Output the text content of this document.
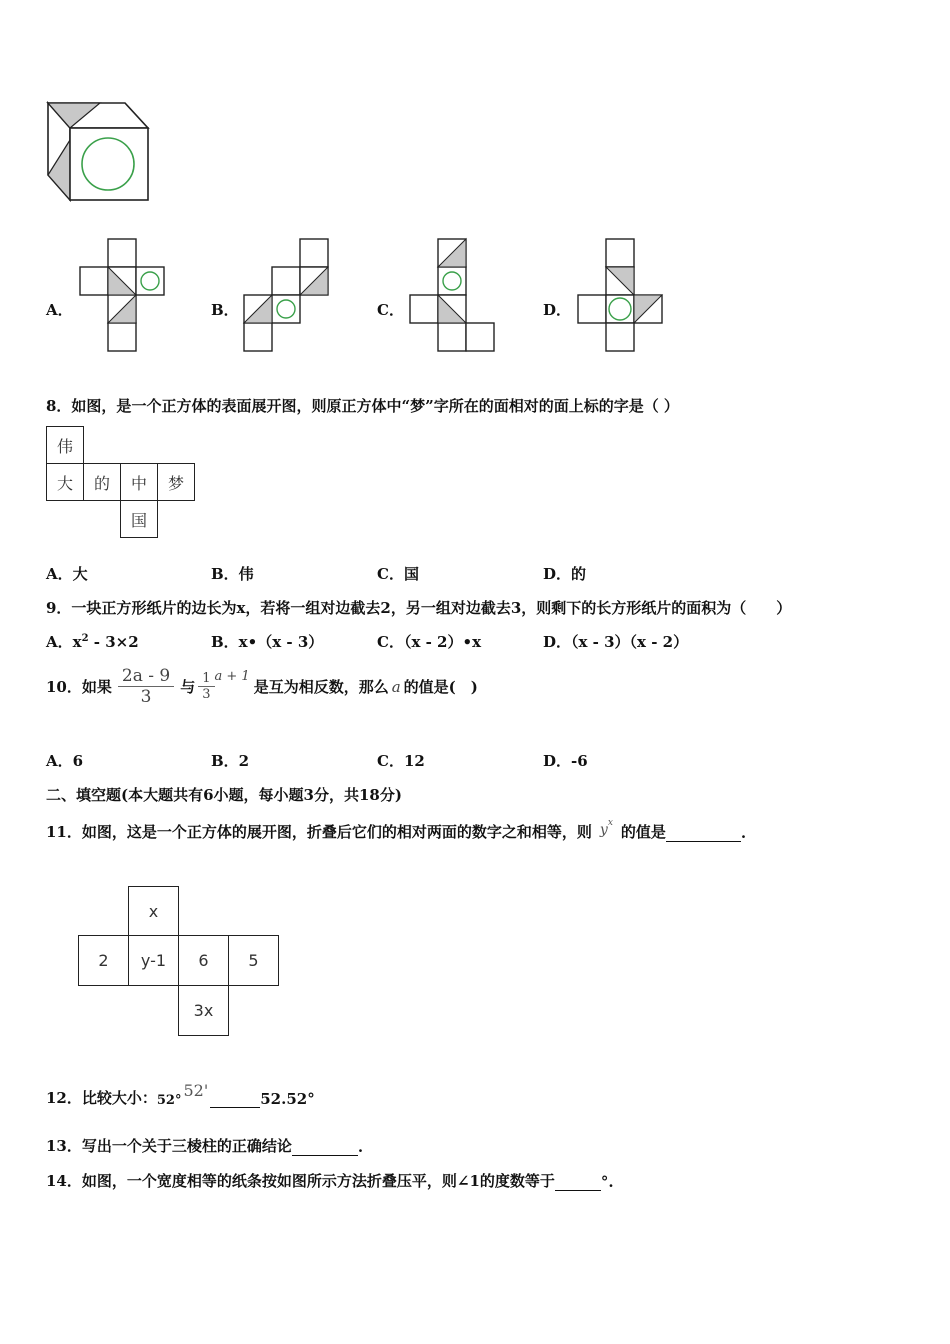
A．	B．	C．	D．
8．如图，是一个正方体的表面展开图，则原正方体中“梦”字所在的面相对的面上标的字是（ ）
伟
大	的	中	梦
国
A．大	B．伟	C．国	D．的
9．一块正方形纸片的边长为x，若将一组对边截去2，另一组对边截去3，则剩下的长方形纸片的面积为（　　）
A．$x^2 - 3\times 2$	B．x•（x - 3）	C．（x - 2）•x	D．（x - 3）（x - 2）
10．如果 $\frac{2a - 9}{3}$ 与 $\frac{1}{3}$ a + 1
是互为相反数，那么 a 的值是(　)
A．6	B．2	C．12	D．-6
二、填空题(本大题共有6小题，每小题3分，共18分)
11．如图，这是一个正方体的展开图，折叠后它们的相对两面的数字之和相等，则 y x 的值是	.
x
2	y-1	6	5
3x
12．比较大小： 52°
52'	52.52°
13．写出一个关于三棱柱的正确结论	.
14．如图，一个宽度相等的纸条按如图所示方法折叠压平，则∠1的度数等于	°.
